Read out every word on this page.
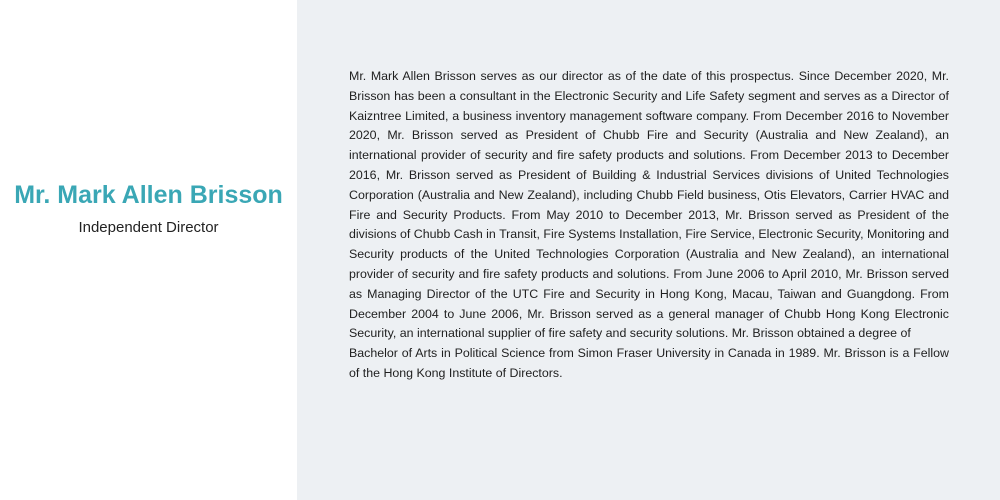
Mr. Mark Allen Brisson
Independent Director

Mr. Mark Allen Brisson serves as our director as of the date of this prospectus. Since December 2020, Mr. Brisson has been a consultant in the Electronic Security and Life Safety segment and serves as a Director of Kaizntree Limited, a business inventory management software company. From December 2016 to November 2020, Mr. Brisson served as President of Chubb Fire and Security (Australia and New Zealand), an international provider of security and fire safety products and solutions. From December 2013 to December 2016, Mr. Brisson served as President of Building & Industrial Services divisions of United Technologies Corporation (Australia and New Zealand), including Chubb Field business, Otis Elevators, Carrier HVAC and Fire and Security Products. From May 2010 to December 2013, Mr. Brisson served as President of the divisions of Chubb Cash in Transit, Fire Systems Installation, Fire Service, Electronic Security, Monitoring and Security products of the United Technologies Corporation (Australia and New Zealand), an international provider of security and fire safety products and solutions. From June 2006 to April 2010, Mr. Brisson served as Managing Director of the UTC Fire and Security in Hong Kong, Macau, Taiwan and Guangdong. From December 2004 to June 2006, Mr. Brisson served as a general manager of Chubb Hong Kong Electronic Security, an international supplier of fire safety and security solutions. Mr. Brisson obtained a degree of

Bachelor of Arts in Political Science from Simon Fraser University in Canada in 1989. Mr. Brisson is a Fellow of the Hong Kong Institute of Directors.
